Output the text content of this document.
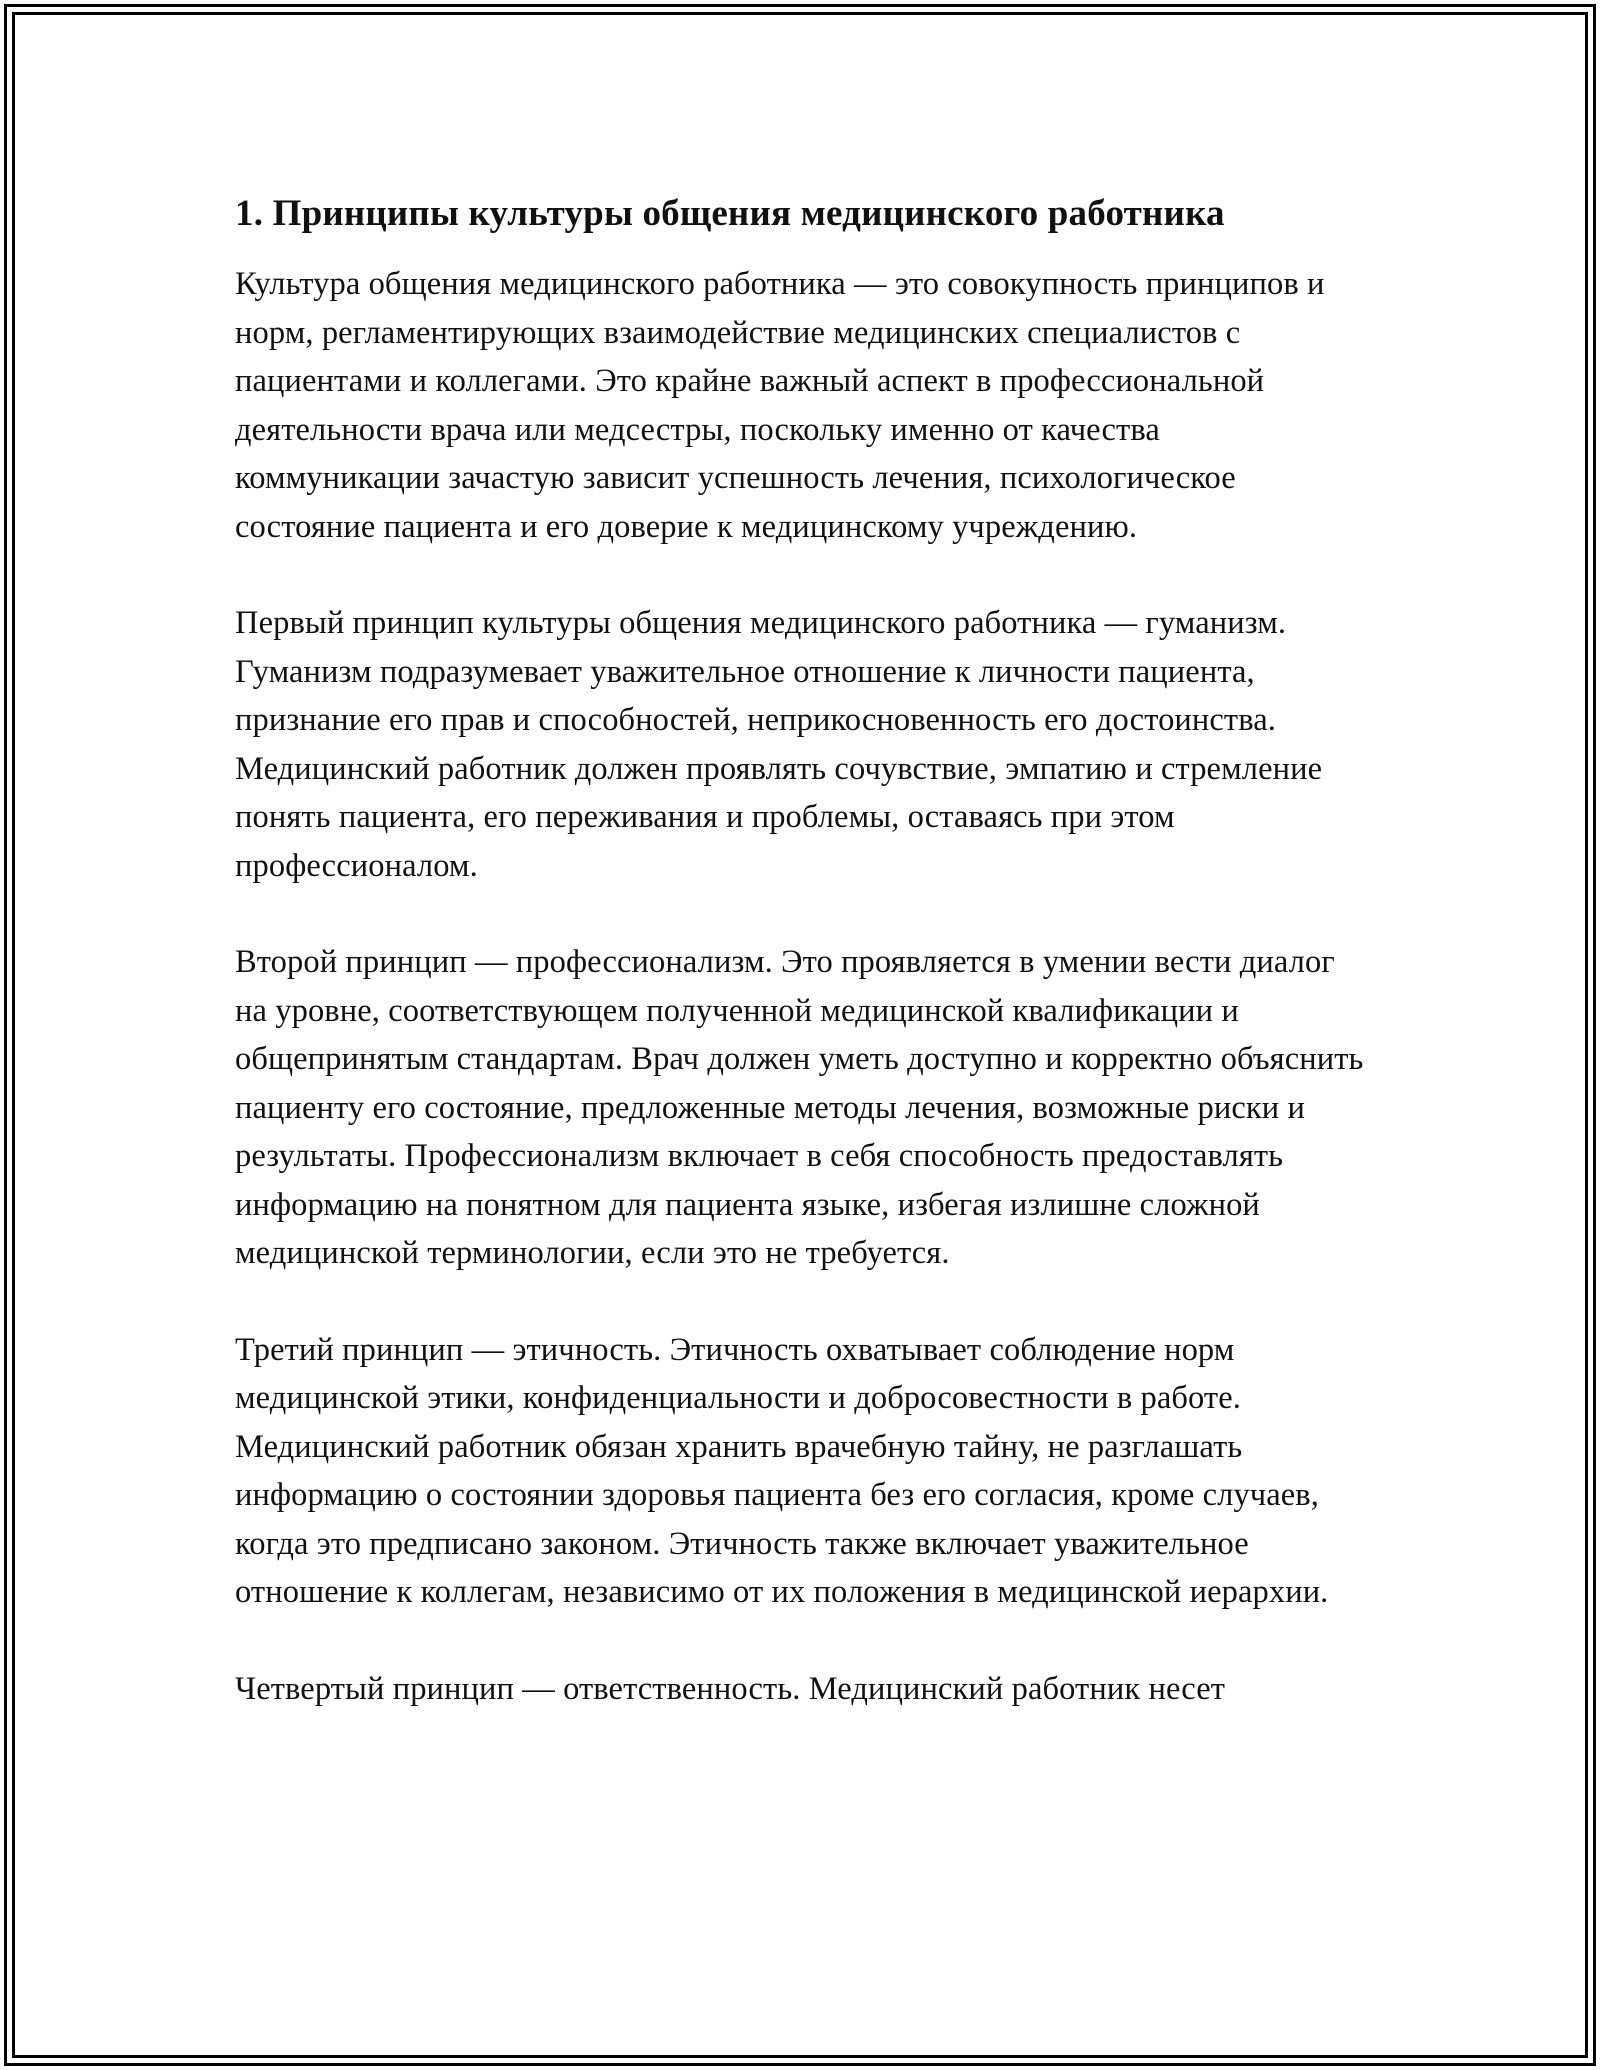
1. Принципы культуры общения медицинского работника

Культура общения медицинского работника — это совокупность принципов и норм, регламентирующих взаимодействие медицинских специалистов с пациентами и коллегами. Это крайне важный аспект в профессиональной деятельности врача или медсестры, поскольку именно от качества коммуникации зачастую зависит успешность лечения, психологическое состояние пациента и его доверие к медицинскому учреждению.

Первый принцип культуры общения медицинского работника — гуманизм. Гуманизм подразумевает уважительное отношение к личности пациента, признание его прав и способностей, неприкосновенность его достоинства. Медицинский работник должен проявлять сочувствие, эмпатию и стремление понять пациента, его переживания и проблемы, оставаясь при этом профессионалом.

Второй принцип — профессионализм. Это проявляется в умении вести диалог на уровне, соответствующем полученной медицинской квалификации и общепринятым стандартам. Врач должен уметь доступно и корректно объяснить пациенту его состояние, предложенные методы лечения, возможные риски и результаты. Профессионализм включает в себя способность предоставлять информацию на понятном для пациента языке, избегая излишне сложной медицинской терминологии, если это не требуется.

Третий принцип — этичность. Этичность охватывает соблюдение норм медицинской этики, конфиденциальности и добросовестности в работе. Медицинский работник обязан хранить врачебную тайну, не разглашать информацию о состоянии здоровья пациента без его согласия, кроме случаев, когда это предписано законом. Этичность также включает уважительное отношение к коллегам, независимо от их положения в медицинской иерархии.

Четвертый принцип — ответственность. Медицинский работник несет
